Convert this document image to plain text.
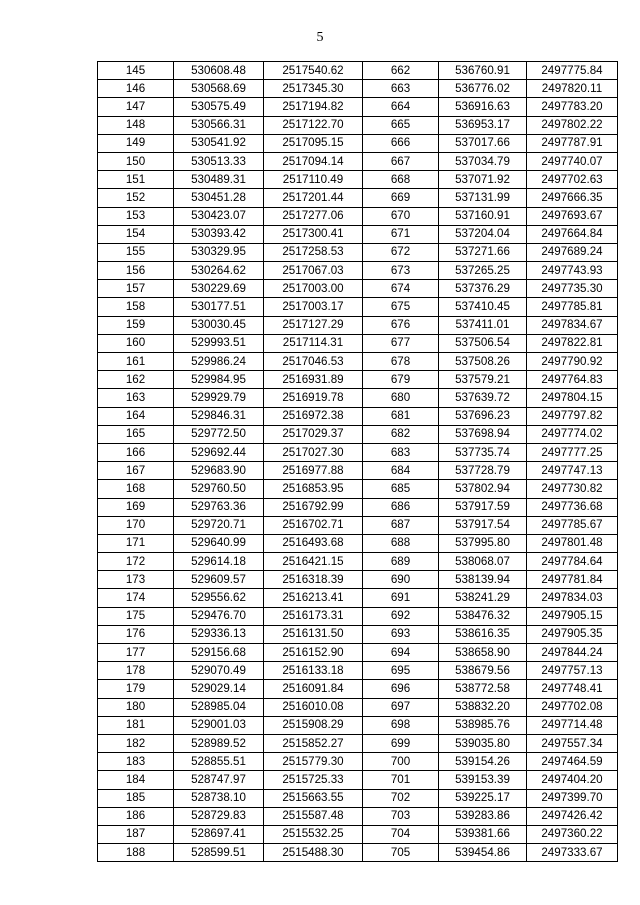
5
145	530608.48	2517540.62	662	536760.91	2497775.84
146	530568.69	2517345.30	663	536776.02	2497820.11
147	530575.49	2517194.82	664	536916.63	2497783.20
148	530566.31	2517122.70	665	536953.17	2497802.22
149	530541.92	2517095.15	666	537017.66	2497787.91
150	530513.33	2517094.14	667	537034.79	2497740.07
151	530489.31	2517110.49	668	537071.92	2497702.63
152	530451.28	2517201.44	669	537131.99	2497666.35
153	530423.07	2517277.06	670	537160.91	2497693.67
154	530393.42	2517300.41	671	537204.04	2497664.84
155	530329.95	2517258.53	672	537271.66	2497689.24
156	530264.62	2517067.03	673	537265.25	2497743.93
157	530229.69	2517003.00	674	537376.29	2497735.30
158	530177.51	2517003.17	675	537410.45	2497785.81
159	530030.45	2517127.29	676	537411.01	2497834.67
160	529993.51	2517114.31	677	537506.54	2497822.81
161	529986.24	2517046.53	678	537508.26	2497790.92
162	529984.95	2516931.89	679	537579.21	2497764.83
163	529929.79	2516919.78	680	537639.72	2497804.15
164	529846.31	2516972.38	681	537696.23	2497797.82
165	529772.50	2517029.37	682	537698.94	2497774.02
166	529692.44	2517027.30	683	537735.74	2497777.25
167	529683.90	2516977.88	684	537728.79	2497747.13
168	529760.50	2516853.95	685	537802.94	2497730.82
169	529763.36	2516792.99	686	537917.59	2497736.68
170	529720.71	2516702.71	687	537917.54	2497785.67
171	529640.99	2516493.68	688	537995.80	2497801.48
172	529614.18	2516421.15	689	538068.07	2497784.64
173	529609.57	2516318.39	690	538139.94	2497781.84
174	529556.62	2516213.41	691	538241.29	2497834.03
175	529476.70	2516173.31	692	538476.32	2497905.15
176	529336.13	2516131.50	693	538616.35	2497905.35
177	529156.68	2516152.90	694	538658.90	2497844.24
178	529070.49	2516133.18	695	538679.56	2497757.13
179	529029.14	2516091.84	696	538772.58	2497748.41
180	528985.04	2516010.08	697	538832.20	2497702.08
181	529001.03	2515908.29	698	538985.76	2497714.48
182	528989.52	2515852.27	699	539035.80	2497557.34
183	528855.51	2515779.30	700	539154.26	2497464.59
184	528747.97	2515725.33	701	539153.39	2497404.20
185	528738.10	2515663.55	702	539225.17	2497399.70
186	528729.83	2515587.48	703	539283.86	2497426.42
187	528697.41	2515532.25	704	539381.66	2497360.22
188	528599.51	2515488.30	705	539454.86	2497333.67
